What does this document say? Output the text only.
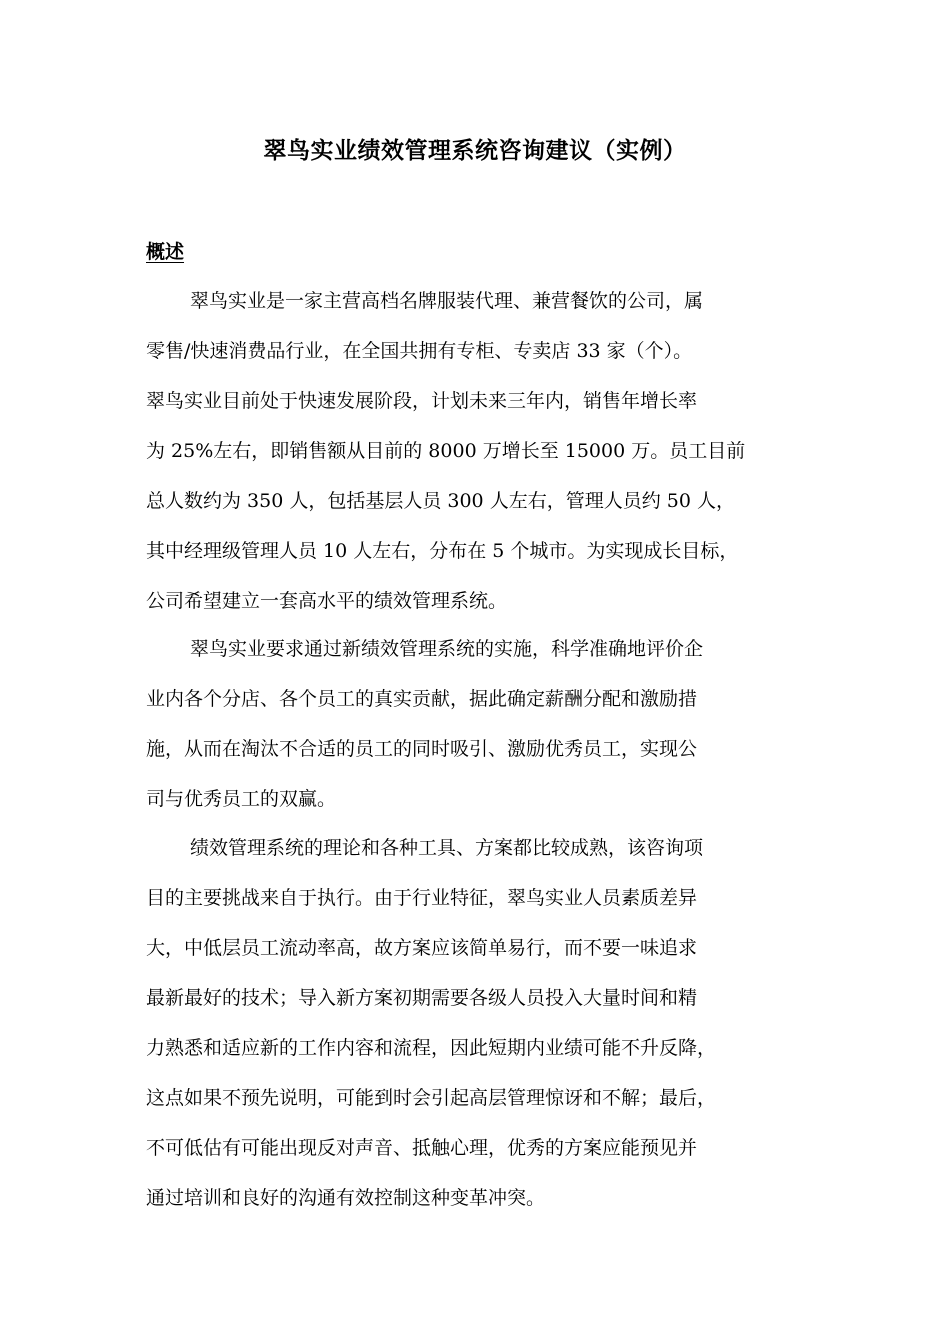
翠鸟实业绩效管理系统咨询建议（实例）
概述

翠鸟实业是一家主营高档名牌服装代理、兼营餐饮的公司，属
零售/快速消费品行业，在全国共拥有专柜、专卖店 33 家（个）。
翠鸟实业目前处于快速发展阶段，计划未来三年内，销售年增长率
为 25%左右，即销售额从目前的 8000 万增长至 15000 万。员工目前
总人数约为 350 人，包括基层人员 300 人左右，管理人员约 50 人，
其中经理级管理人员 10 人左右，分布在 5 个城市。为实现成长目标，
公司希望建立一套高水平的绩效管理系统。

翠鸟实业要求通过新绩效管理系统的实施，科学准确地评价企
业内各个分店、各个员工的真实贡献，据此确定薪酬分配和激励措
施，从而在淘汰不合适的员工的同时吸引、激励优秀员工，实现公
司与优秀员工的双赢。

绩效管理系统的理论和各种工具、方案都比较成熟，该咨询项
目的主要挑战来自于执行。由于行业特征，翠鸟实业人员素质差异
大，中低层员工流动率高，故方案应该简单易行，而不要一味追求
最新最好的技术；导入新方案初期需要各级人员投入大量时间和精
力熟悉和适应新的工作内容和流程，因此短期内业绩可能不升反降，
这点如果不预先说明，可能到时会引起高层管理惊讶和不解；最后，
不可低估有可能出现反对声音、抵触心理，优秀的方案应能预见并
通过培训和良好的沟通有效控制这种变革冲突。
